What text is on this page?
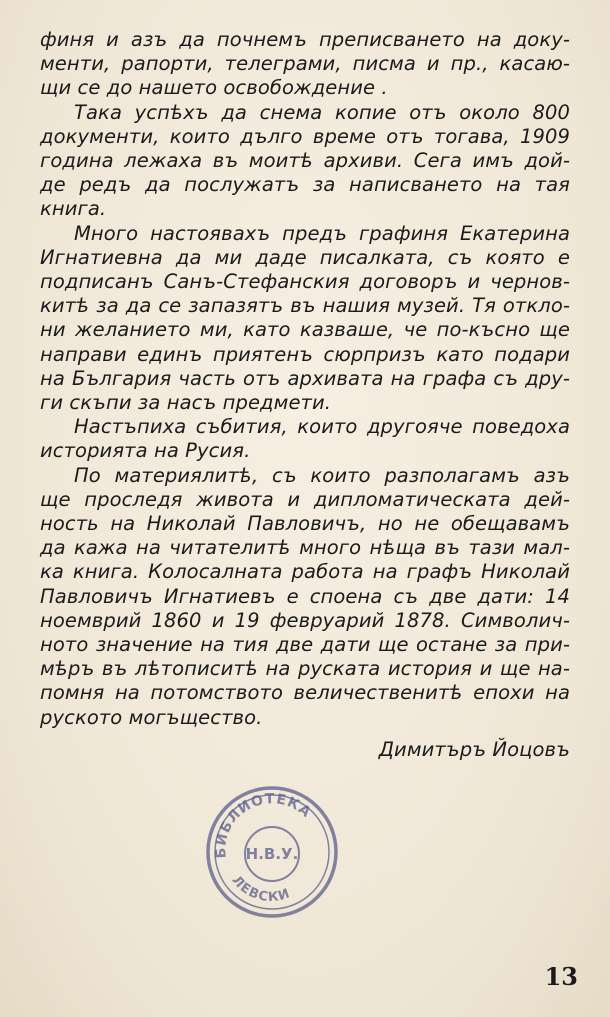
финя и азъ да почнемъ преписването на доку-
менти, рапорти, телеграми, писма и пр., касаю-
щи се до нашето освобождение .

Така успѣхъ да снема копие отъ около 800
документи, които дълго време отъ тогава, 1909
година лежаха въ моитѣ архиви. Сега имъ дой-
де редъ да послужатъ за написването на тая
книга.

Много настоявахъ предъ графиня Екатерина
Игнатиевна да ми даде писалката, съ която е
подписанъ Санъ-Стефанския договоръ и чернов-
китѣ за да се запазятъ въ нашия музей. Тя откло-
ни желанието ми, като казваше, че по-късно ще
направи единъ приятенъ сюрпризъ като подари
на България часть отъ архивата на графа съ дру-
ги скъпи за насъ предмети.

Настъпиха събития, които другояче поведоха
историята на Русия.

По материялитѣ, съ които разполагамъ азъ
ще проследя живота и дипломатическата дей-
ность на Николай Павловичъ, но не обещавамъ
да кажа на читателитѣ много нѣща въ тази мал-
ка книга. Колосалната работа на графъ Николай
Павловичъ Игнатиевъ е споена съ две дати: 14
ноемврий 1860 и 19 февруарий 1878. Символич-
ното значение на тия две дати ще остане за при-
мѣръ въ лѣтописитѣ на руската история и ще на-
помня на потомството величественитѣ епохи на
руското могъщество.

Димитъръ Йоцовъ
БИБЛИОТЕКА
Н.В.У.
ЛЕВСКИ
13
